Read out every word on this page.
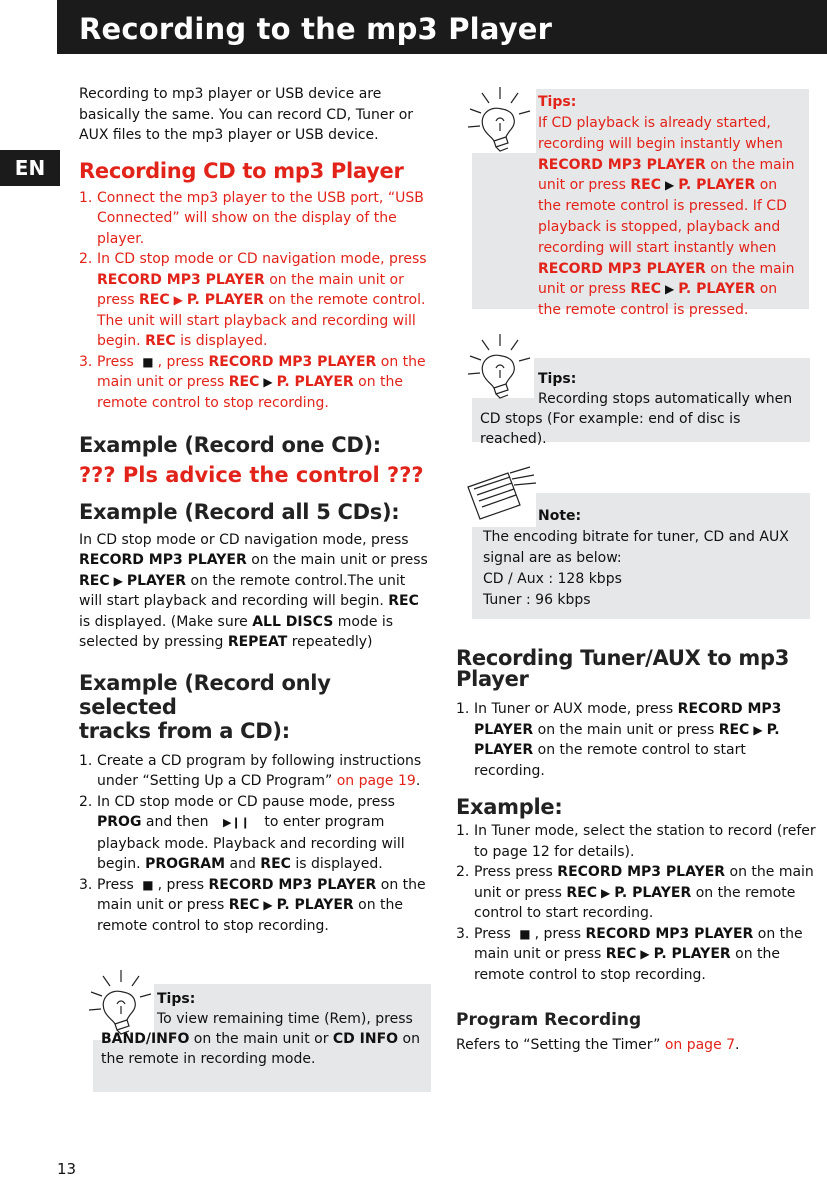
Recording to the mp3 Player
EN
13

Recording to mp3 player or USB device are basically the same. You can record CD, Tuner or AUX files to the mp3 player or USB device.

Recording CD to mp3 Player
1. Connect the mp3 player to the USB port, “USB Connected” will show on the display of the player.
2. In CD stop mode or CD navigation mode, press RECORD MP3 PLAYER on the main unit or press REC ▶ P. PLAYER on the remote control. The unit will start playback and recording will begin. REC is displayed.
3. Press ■ , press RECORD MP3 PLAYER on the main unit or press REC ▶ P. PLAYER on the remote control to stop recording.
Example (Record one CD):

??? Pls advice the control ???

Example (Record all 5 CDs):

In CD stop mode or CD navigation mode, press RECORD MP3 PLAYER on the main unit or press REC ▶ PLAYER on the remote control.The unit will start playback and recording will begin. REC is displayed. (Make sure ALL DISCS mode is selected by pressing REPEAT repeatedly)

Example (Record only selected
tracks from a CD):
1. Create a CD program by following instructions under “Setting Up a CD Program” on page 19.
2. In CD stop mode or CD pause mode, press PROG and then ▶❙❙ to enter program playback mode. Playback and recording will begin. PROGRAM and REC is displayed.
3. Press ■ , press RECORD MP3 PLAYER on the main unit or press REC ▶ P. PLAYER on the remote control to stop recording.
Tips:
To view remaining time (Rem), press BAND/INFO on the main unit or CD INFO on the remote in recording mode.
Tips:
If CD playback is already started, recording will begin instantly when RECORD MP3 PLAYER on the main unit or press REC ▶ P. PLAYER on the remote control is pressed. If CD playback is stopped, playback and recording will start instantly when RECORD MP3 PLAYER on the main unit or press REC ▶ P. PLAYER on the remote control is pressed.
Tips:
Recording stops automatically when
CD stops (For example: end of disc is reached).
Note:
The encoding bitrate for tuner, CD and AUX
signal are as below:
CD / Aux : 128 kbps
Tuner : 96 kbps
Recording Tuner/AUX to mp3
Player
1. In Tuner or AUX mode, press RECORD MP3 PLAYER on the main unit or press REC ▶ P. PLAYER on the remote control to start recording.
Example:
1. In Tuner mode, select the station to record (refer to page 12 for details).
2. Press press RECORD MP3 PLAYER on the main unit or press REC ▶ P. PLAYER on the remote control to start recording.
3. Press ■ , press RECORD MP3 PLAYER on the main unit or press REC ▶ P. PLAYER on the remote control to stop recording.
Program Recording

Refers to “Setting the Timer” on page 7.
